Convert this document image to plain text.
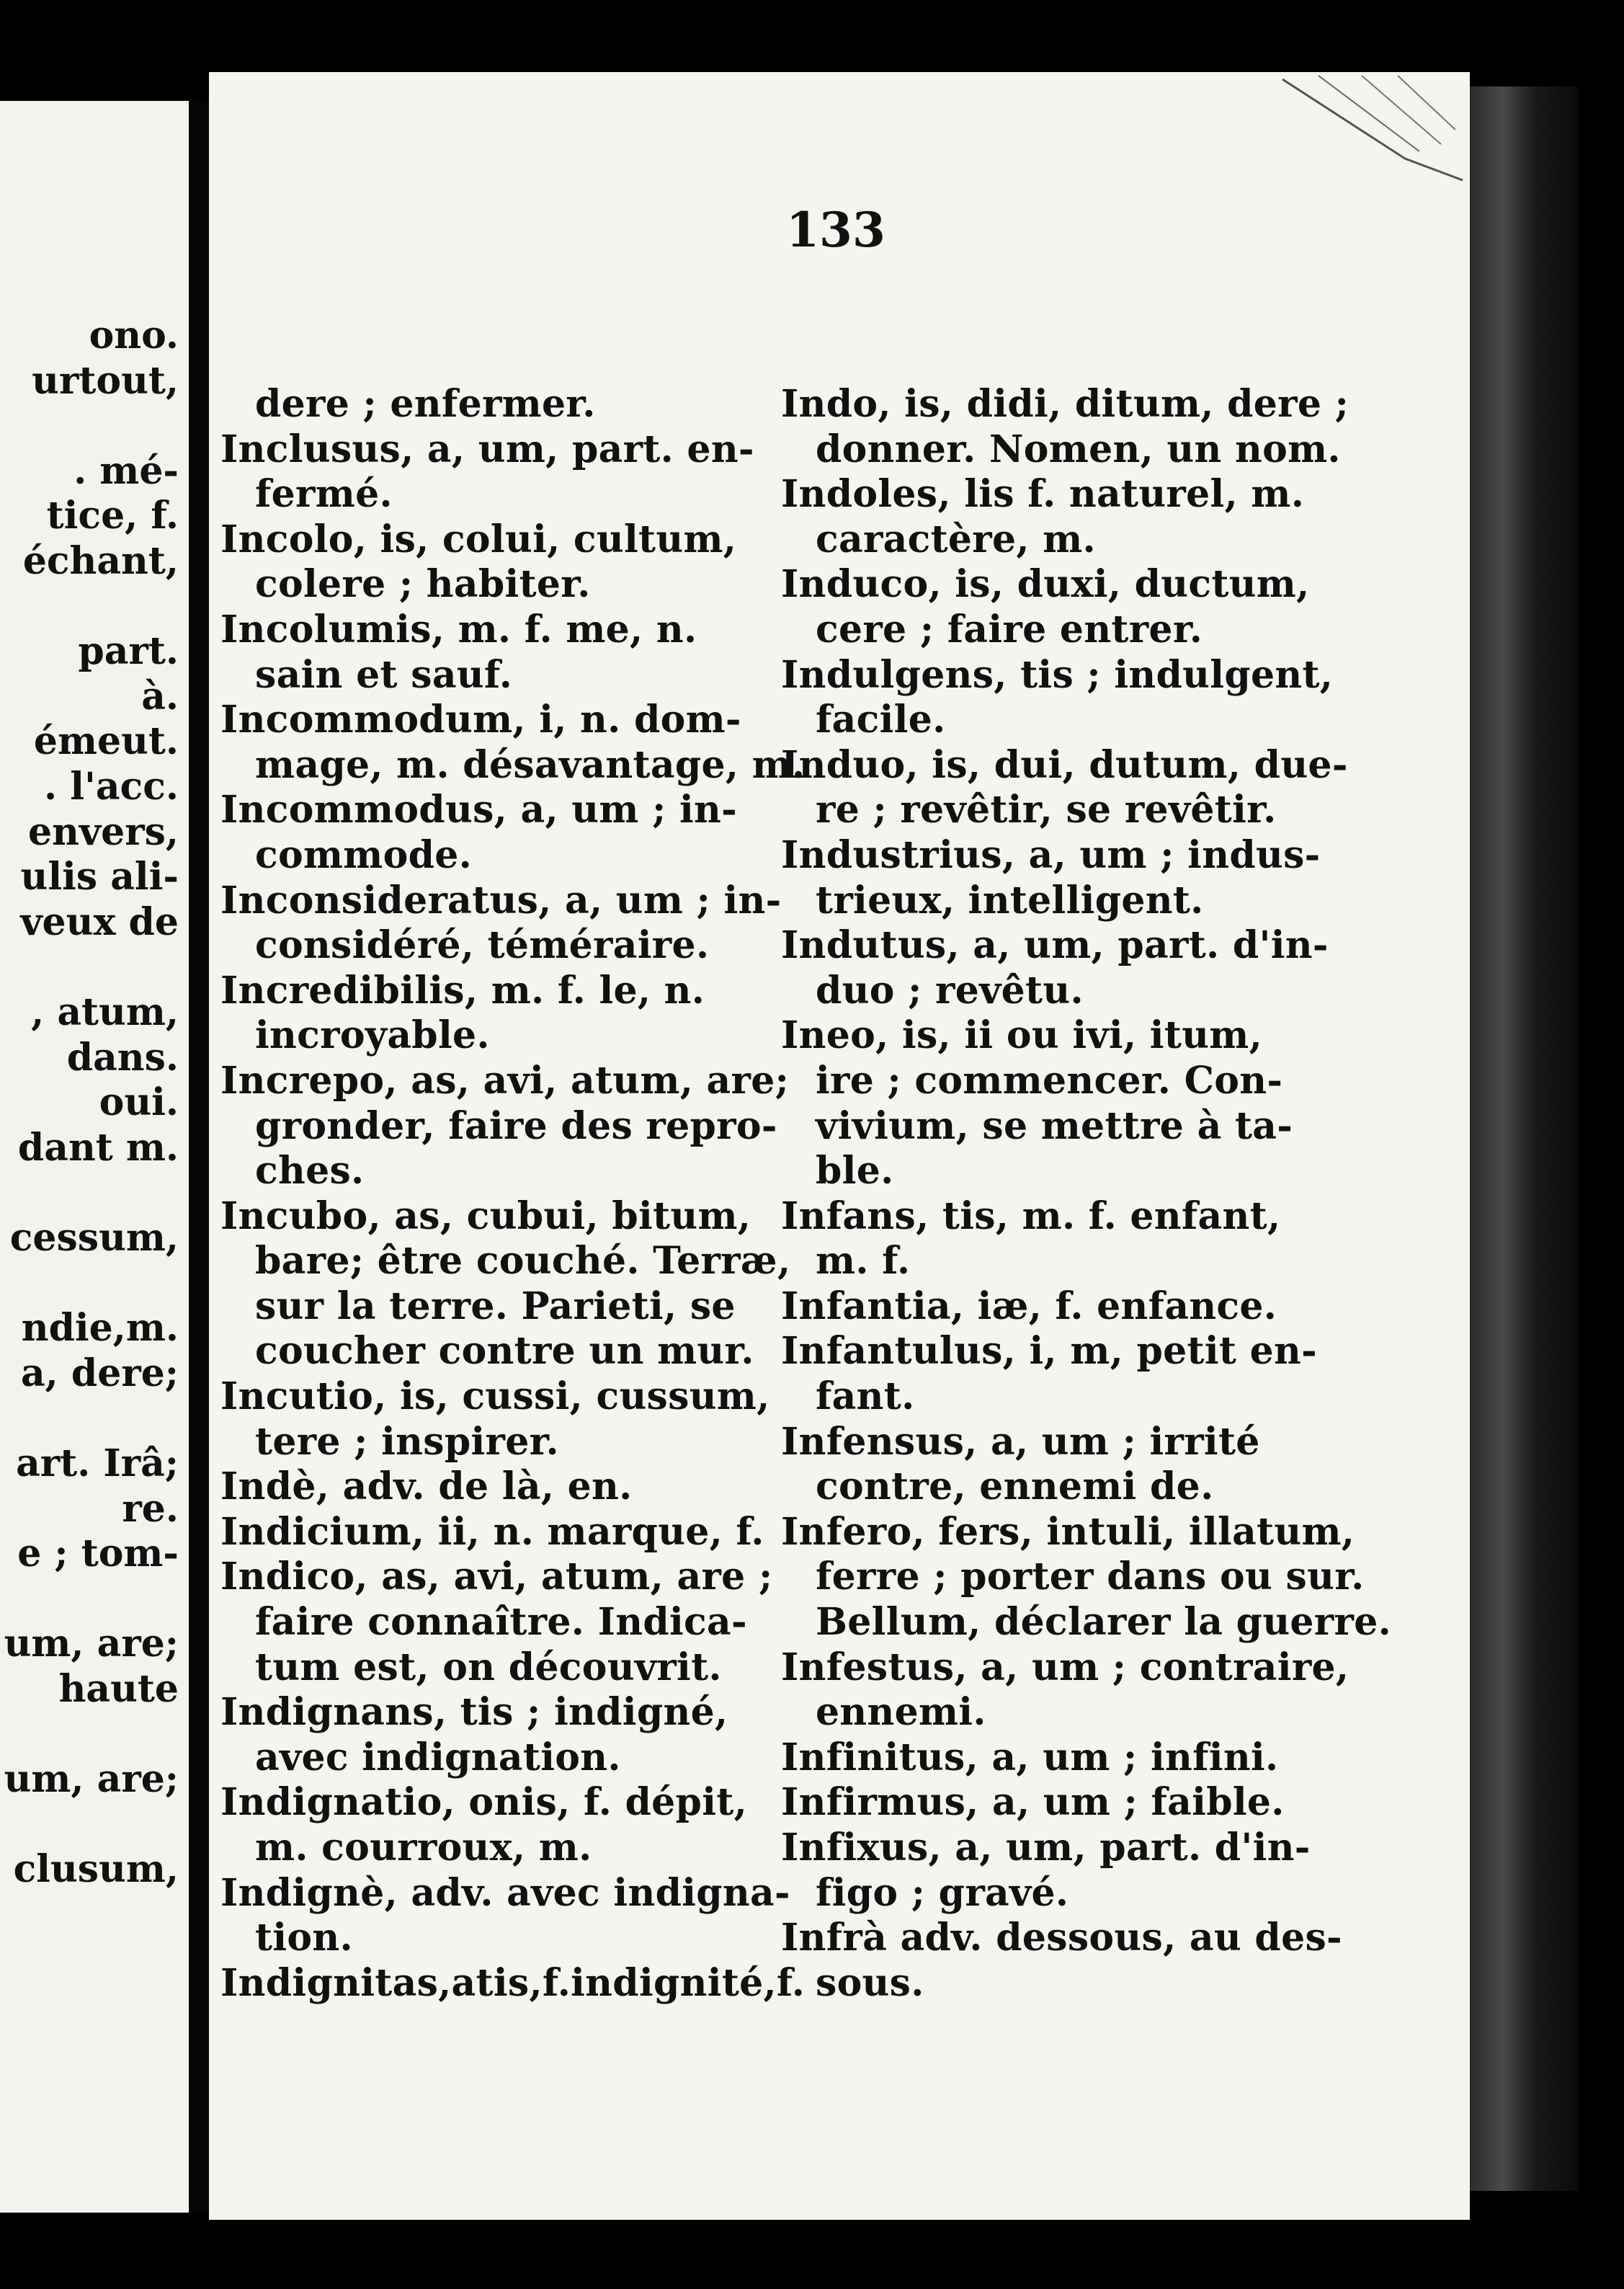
ono.
urtout,
. mé-
tice, f.
échant,
part.
à.
émeut.
. l'acc.
envers,
ulis ali-
veux de
, atum,
dans.
oui.
dant m.
cessum,
ndie,m.
a, dere;
art. Irâ;
re.
e ; tom-
um, are;
haute
um, are;
clusum,
133
dere ; enfermer.
Inclusus, a, um, part. en-
fermé.
Incolo, is, colui, cultum,
colere ; habiter.
Incolumis, m. f. me, n.
sain et sauf.
Incommodum, i, n. dom-
mage, m. désavantage, m.
Incommodus, a, um ; in-
commode.
Inconsideratus, a, um ; in-
considéré, téméraire.
Incredibilis, m. f. le, n.
incroyable.
Increpo, as, avi, atum, are;
gronder, faire des repro-
ches.
Incubo, as, cubui, bitum,
bare; être couché. Terræ,
sur la terre. Parieti, se
coucher contre un mur.
Incutio, is, cussi, cussum,
tere ; inspirer.
Indè, adv. de là, en.
Indicium, ii, n. marque, f.
Indico, as, avi, atum, are ;
faire connaître. Indica-
tum est, on découvrit.
Indignans, tis ; indigné,
avec indignation.
Indignatio, onis, f. dépit,
m. courroux, m.
Indignè, adv. avec indigna-
tion.
Indignitas,atis,f.indignité,f.
Indo, is, didi, ditum, dere ;
donner. Nomen, un nom.
Indoles, lis f. naturel, m.
caractère, m.
Induco, is, duxi, ductum,
cere ; faire entrer.
Indulgens, tis ; indulgent,
facile.
Induo, is, dui, dutum, due-
re ; revêtir, se revêtir.
Industrius, a, um ; indus-
trieux, intelligent.
Indutus, a, um, part. d'in-
duo ; revêtu.
Ineo, is, ii ou ivi, itum,
ire ; commencer. Con-
vivium, se mettre à ta-
ble.
Infans, tis, m. f. enfant,
m. f.
Infantia, iæ, f. enfance.
Infantulus, i, m, petit en-
fant.
Infensus, a, um ; irrité
contre, ennemi de.
Infero, fers, intuli, illatum,
ferre ; porter dans ou sur.
Bellum, déclarer la guerre.
Infestus, a, um ; contraire,
ennemi.
Infinitus, a, um ; infini.
Infirmus, a, um ; faible.
Infixus, a, um, part. d'in-
figo ; gravé.
Infrà adv. dessous, au des-
sous.
